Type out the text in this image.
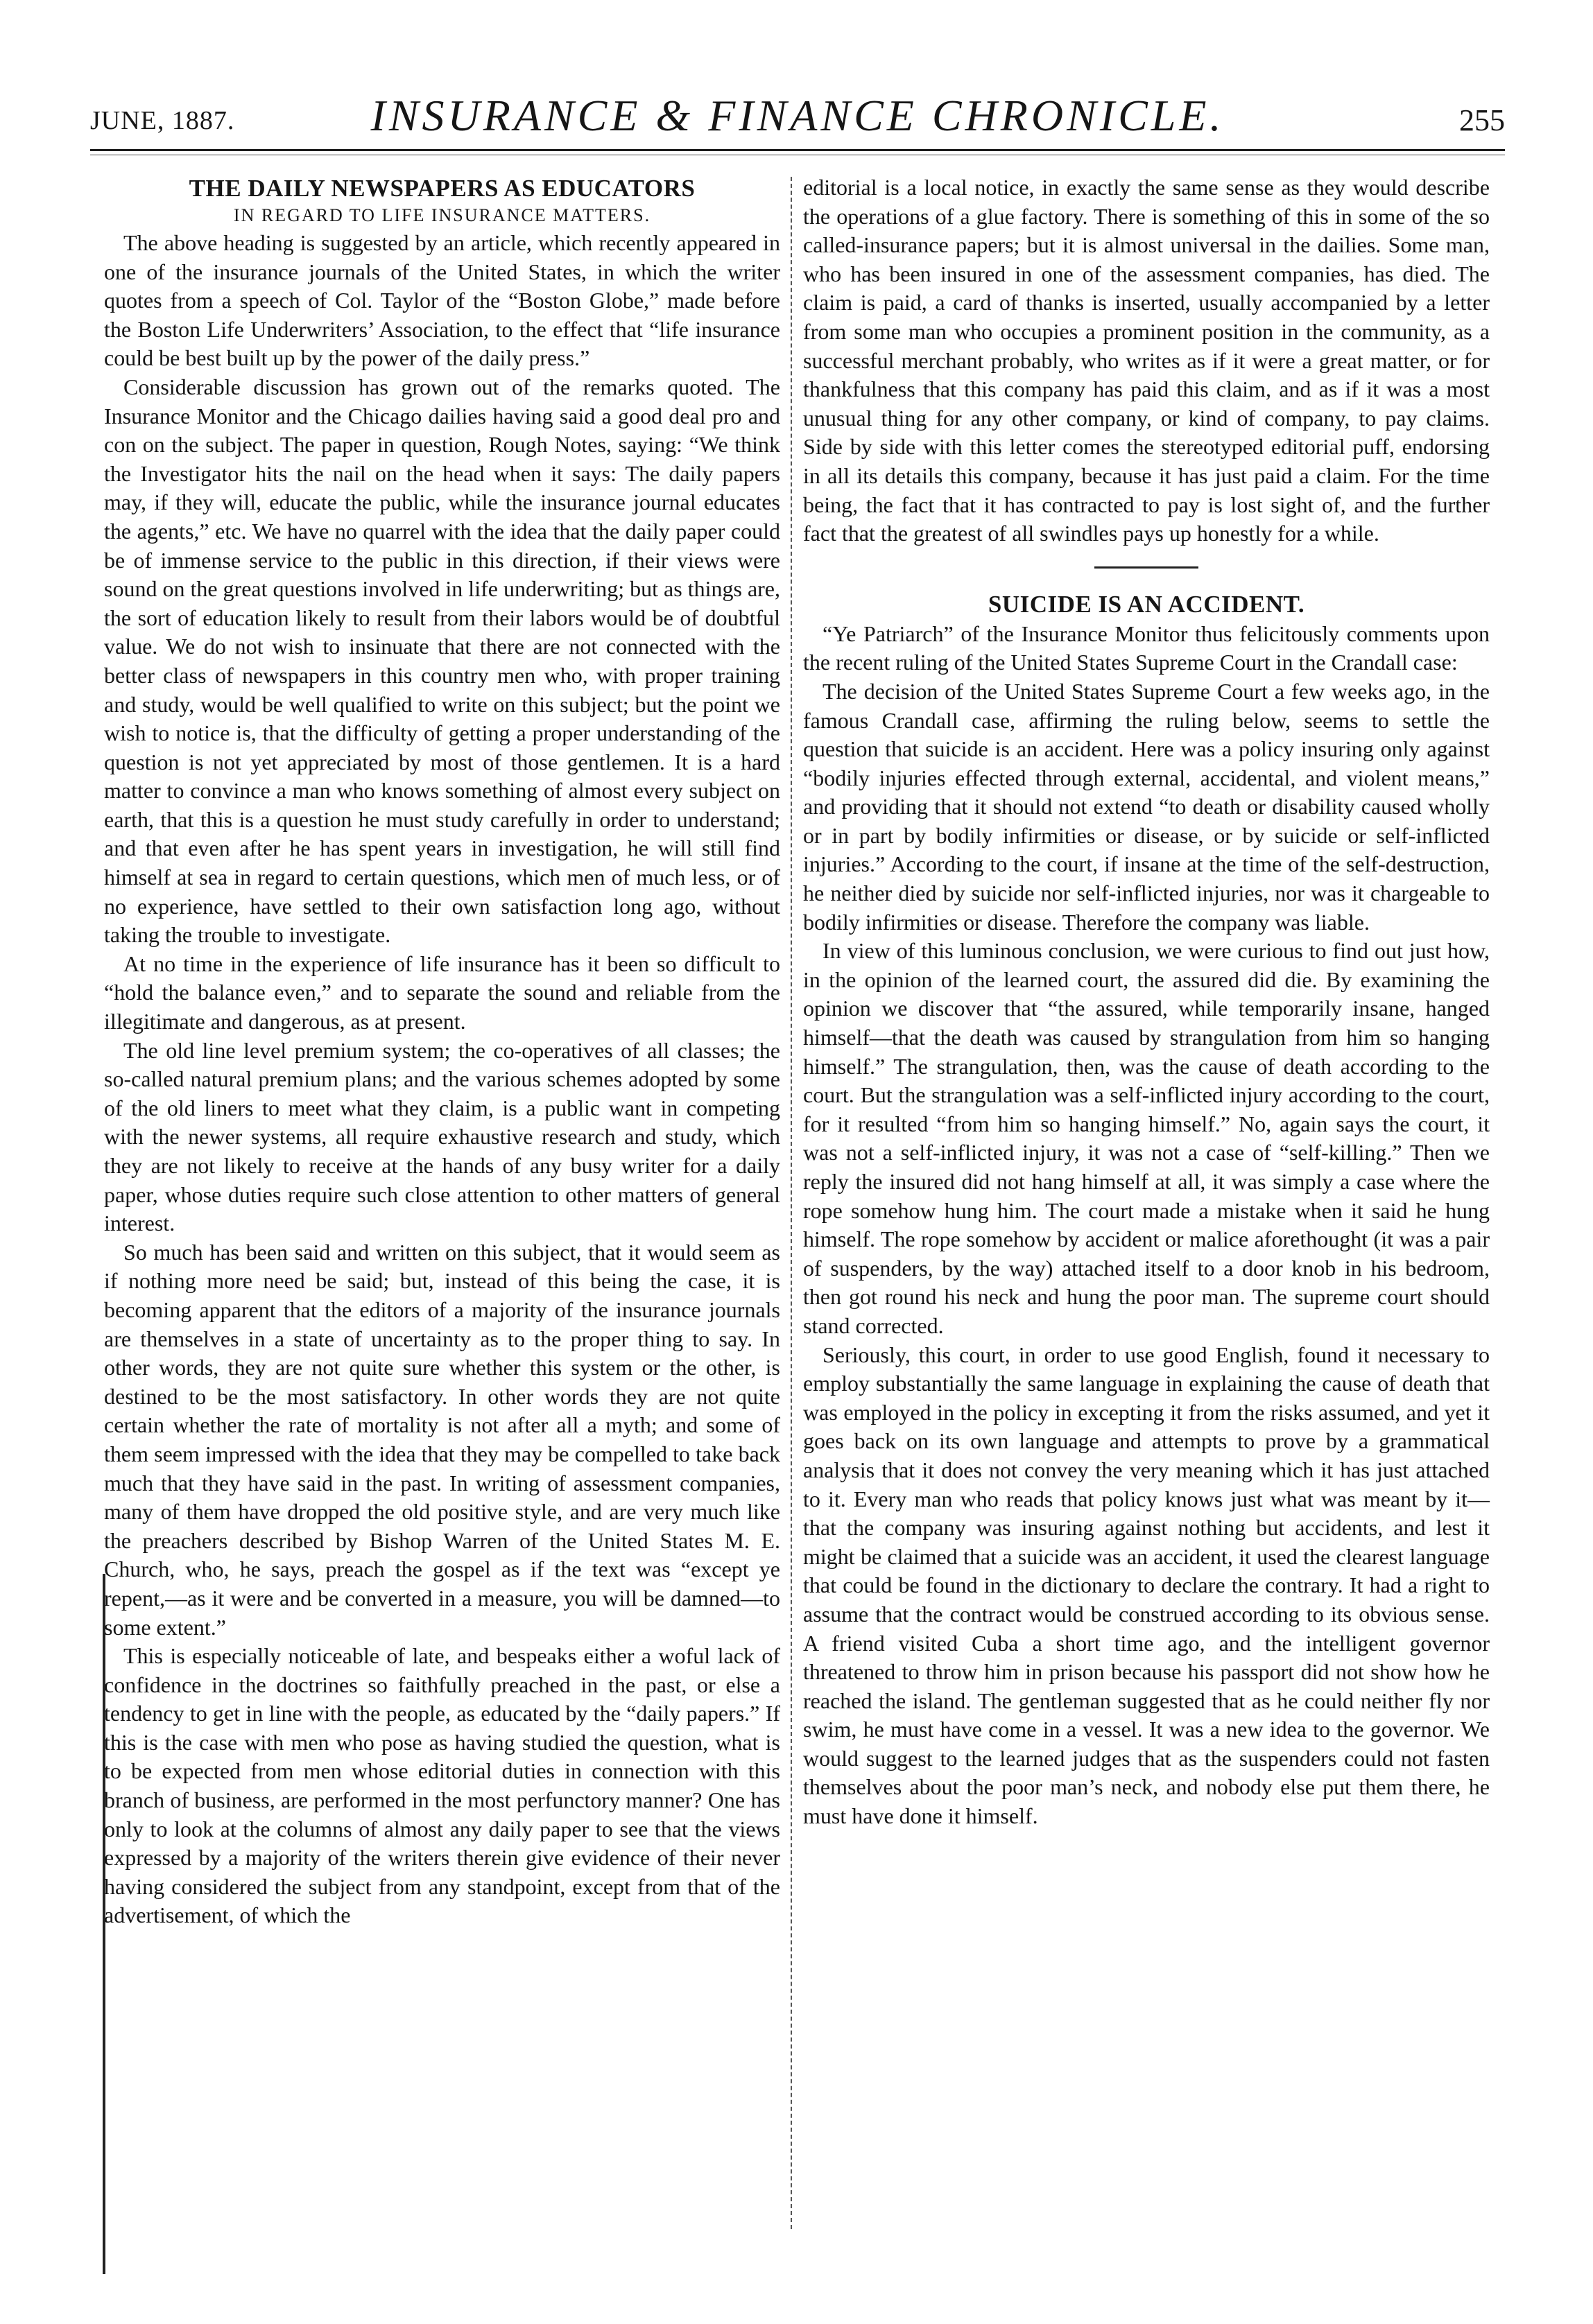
JUNE, 1887.	INSURANCE & FINANCE CHRONICLE.	255
THE DAILY NEWSPAPERS AS EDUCATORS
IN REGARD TO LIFE INSURANCE MATTERS.

The above heading is suggested by an article, which recently appeared in one of the insurance journals of the United States, in which the writer quotes from a speech of Col. Taylor of the “Boston Globe,” made before the Boston Life Underwriters’ Association, to the effect that “life insurance could be best built up by the power of the daily press.”

Considerable discussion has grown out of the remarks quoted. The Insurance Monitor and the Chicago dailies having said a good deal pro and con on the subject. The paper in question, Rough Notes, saying: “We think the Investigator hits the nail on the head when it says: The daily papers may, if they will, educate the public, while the insurance journal educates the agents,” etc. We have no quarrel with the idea that the daily paper could be of immense service to the public in this direction, if their views were sound on the great questions involved in life underwriting; but as things are, the sort of education likely to result from their labors would be of doubtful value. We do not wish to insinuate that there are not connected with the better class of newspapers in this country men who, with proper training and study, would be well qualified to write on this subject; but the point we wish to notice is, that the difficulty of getting a proper understanding of the question is not yet appreciated by most of those gentlemen. It is a hard matter to convince a man who knows something of almost every subject on earth, that this is a question he must study carefully in order to understand; and that even after he has spent years in investigation, he will still find himself at sea in regard to certain questions, which men of much less, or of no experience, have settled to their own satisfaction long ago, without taking the trouble to investigate.

At no time in the experience of life insurance has it been so difficult to “hold the balance even,” and to separate the sound and reliable from the illegitimate and dangerous, as at present.

The old line level premium system; the co-operatives of all classes; the so-called natural premium plans; and the various schemes adopted by some of the old liners to meet what they claim, is a public want in competing with the newer systems, all require exhaustive research and study, which they are not likely to receive at the hands of any busy writer for a daily paper, whose duties require such close attention to other matters of general interest.

So much has been said and written on this subject, that it would seem as if nothing more need be said; but, instead of this being the case, it is becoming apparent that the editors of a majority of the insurance journals are themselves in a state of uncertainty as to the proper thing to say. In other words, they are not quite sure whether this system or the other, is destined to be the most satisfactory. In other words they are not quite certain whether the rate of mortality is not after all a myth; and some of them seem impressed with the idea that they may be compelled to take back much that they have said in the past. In writing of assessment companies, many of them have dropped the old positive style, and are very much like the preachers described by Bishop Warren of the United States M. E. Church, who, he says, preach the gospel as if the text was “except ye repent,—as it were and be converted in a measure, you will be damned—to some extent.”

This is especially noticeable of late, and bespeaks either a woful lack of confidence in the doctrines so faithfully preached in the past, or else a tendency to get in line with the people, as educated by the “daily papers.” If this is the case with men who pose as having studied the question, what is to be expected from men whose editorial duties in connection with this branch of business, are performed in the most perfunctory manner? One has only to look at the columns of almost any daily paper to see that the views expressed by a majority of the writers therein give evidence of their never having considered the subject from any standpoint, except from that of the advertisement, of which the

editorial is a local notice, in exactly the same sense as they would describe the operations of a glue factory. There is something of this in some of the so called-insurance papers; but it is almost universal in the dailies. Some man, who has been insured in one of the assessment companies, has died. The claim is paid, a card of thanks is inserted, usually accompanied by a letter from some man who occupies a prominent position in the community, as a successful merchant probably, who writes as if it were a great matter, or for thankfulness that this company has paid this claim, and as if it was a most unusual thing for any other company, or kind of company, to pay claims. Side by side with this letter comes the stereotyped editorial puff, endorsing in all its details this company, because it has just paid a claim. For the time being, the fact that it has contracted to pay is lost sight of, and the further fact that the greatest of all swindles pays up honestly for a while.

SUICIDE IS AN ACCIDENT.

“Ye Patriarch” of the Insurance Monitor thus felicitously comments upon the recent ruling of the United States Supreme Court in the Crandall case:

The decision of the United States Supreme Court a few weeks ago, in the famous Crandall case, affirming the ruling below, seems to settle the question that suicide is an accident. Here was a policy insuring only against “bodily injuries effected through external, accidental, and violent means,” and providing that it should not extend “to death or disability caused wholly or in part by bodily infirmities or disease, or by suicide or self-inflicted injuries.” According to the court, if insane at the time of the self-destruction, he neither died by suicide nor self-inflicted injuries, nor was it chargeable to bodily infirmities or disease. Therefore the company was liable.

In view of this luminous conclusion, we were curious to find out just how, in the opinion of the learned court, the assured did die. By examining the opinion we discover that “the assured, while temporarily insane, hanged himself—that the death was caused by strangulation from him so hanging himself.” The strangulation, then, was the cause of death according to the court. But the strangulation was a self-inflicted injury according to the court, for it resulted “from him so hanging himself.” No, again says the court, it was not a self-inflicted injury, it was not a case of “self-killing.” Then we reply the insured did not hang himself at all, it was simply a case where the rope somehow hung him. The court made a mistake when it said he hung himself. The rope somehow by accident or malice aforethought (it was a pair of suspenders, by the way) attached itself to a door knob in his bedroom, then got round his neck and hung the poor man. The supreme court should stand corrected.

Seriously, this court, in order to use good English, found it necessary to employ substantially the same language in explaining the cause of death that was employed in the policy in excepting it from the risks assumed, and yet it goes back on its own language and attempts to prove by a grammatical analysis that it does not convey the very meaning which it has just attached to it. Every man who reads that policy knows just what was meant by it—that the company was insuring against nothing but accidents, and lest it might be claimed that a suicide was an accident, it used the clearest language that could be found in the dictionary to declare the contrary. It had a right to assume that the contract would be construed according to its obvious sense. A friend visited Cuba a short time ago, and the intelligent governor threatened to throw him in prison because his passport did not show how he reached the island. The gentleman suggested that as he could neither fly nor swim, he must have come in a vessel. It was a new idea to the governor. We would suggest to the learned judges that as the suspenders could not fasten themselves about the poor man’s neck, and nobody else put them there, he must have done it himself.
